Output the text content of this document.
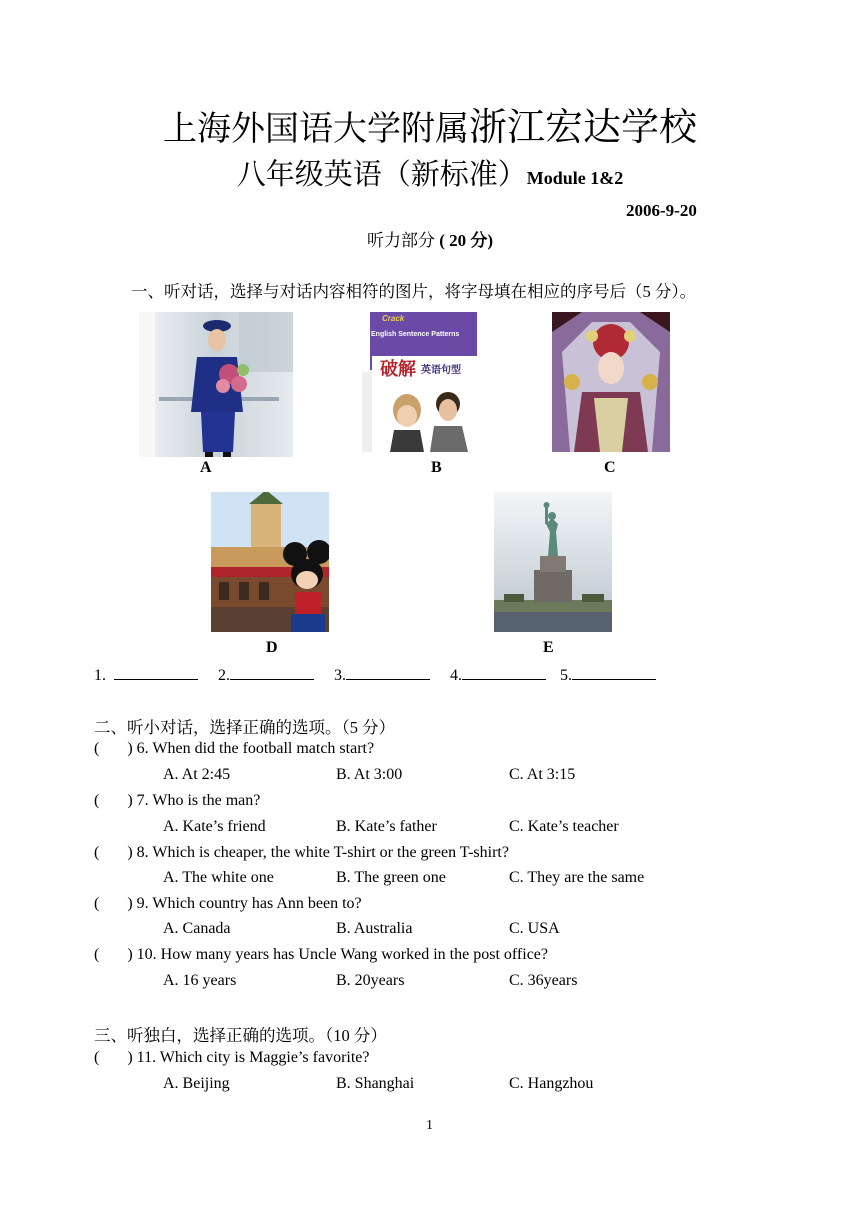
上海外国语大学附属浙江宏达学校
八年级英语（新标准）Module 1&2
2006-9-20
听力部分 ( 20 分)
一、听对话，选择与对话内容相符的图片，将字母填在相应的序号后（5 分）。
A
Crack
English Sentence Patterns
破解 英语句型
B	C
D	E
1.	2.	3.	4.	5.
二、听小对话，选择正确的选项。（5 分）
( ) 6. When did the football match start?
A. At 2:45	B. At 3:00	C. At 3:15
( ) 7. Who is the man?
A. Kate’s friend	B. Kate’s father	C. Kate’s teacher
( ) 8. Which is cheaper, the white T-shirt or the green T-shirt?
A. The white one	B. The green one	C. They are the same
( ) 9. Which country has Ann been to?
A. Canada	B. Australia	C. USA
( ) 10. How many years has Uncle Wang worked in the post office?
A. 16 years	B. 20years	C. 36years
三、听独白，选择正确的选项。（10 分）
( ) 11. Which city is Maggie’s favorite?
A. Beijing	B. Shanghai	C. Hangzhou
1
